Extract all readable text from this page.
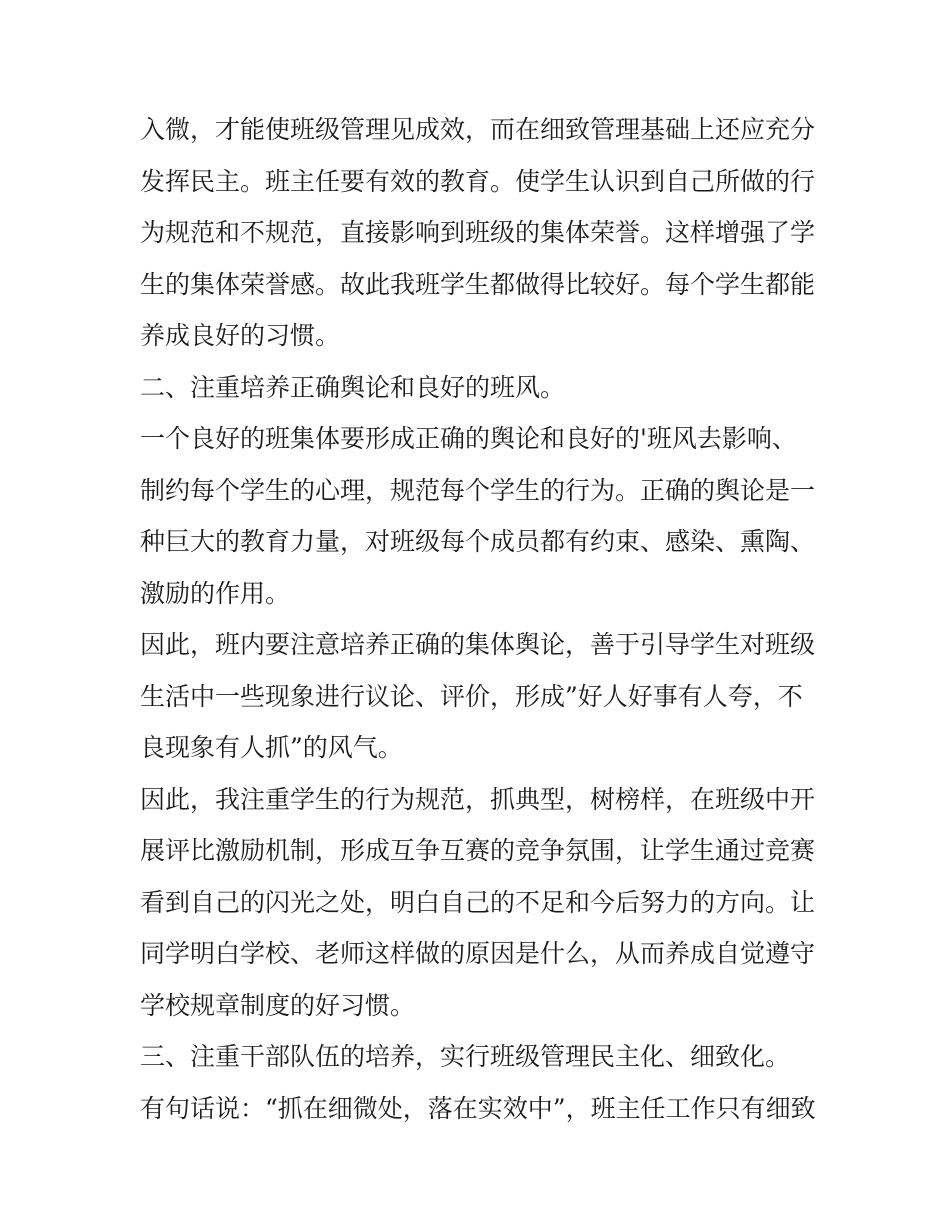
入微，才能使班级管理见成效，而在细致管理基础上还应充分
发挥民主。班主任要有效的教育。使学生认识到自己所做的行
为规范和不规范，直接影响到班级的集体荣誉。这样增强了学
生的集体荣誉感。故此我班学生都做得比较好。每个学生都能
养成良好的习惯。
二、注重培养正确舆论和良好的班风。
一个良好的班集体要形成正确的舆论和良好的'班风去影响、
制约每个学生的心理，规范每个学生的行为。正确的舆论是一
种巨大的教育力量，对班级每个成员都有约束、感染、熏陶、
激励的作用。
因此，班内要注意培养正确的集体舆论，善于引导学生对班级
生活中一些现象进行议论、评价，形成”好人好事有人夸，不
良现象有人抓”的风气。
因此，我注重学生的行为规范，抓典型，树榜样，在班级中开
展评比激励机制，形成互争互赛的竞争氛围，让学生通过竞赛
看到自己的闪光之处，明白自己的不足和今后努力的方向。让
同学明白学校、老师这样做的原因是什么，从而养成自觉遵守
学校规章制度的好习惯。
三、注重干部队伍的培养，实行班级管理民主化、细致化。
有句话说：“抓在细微处，落在实效中”，班主任工作只有细致
